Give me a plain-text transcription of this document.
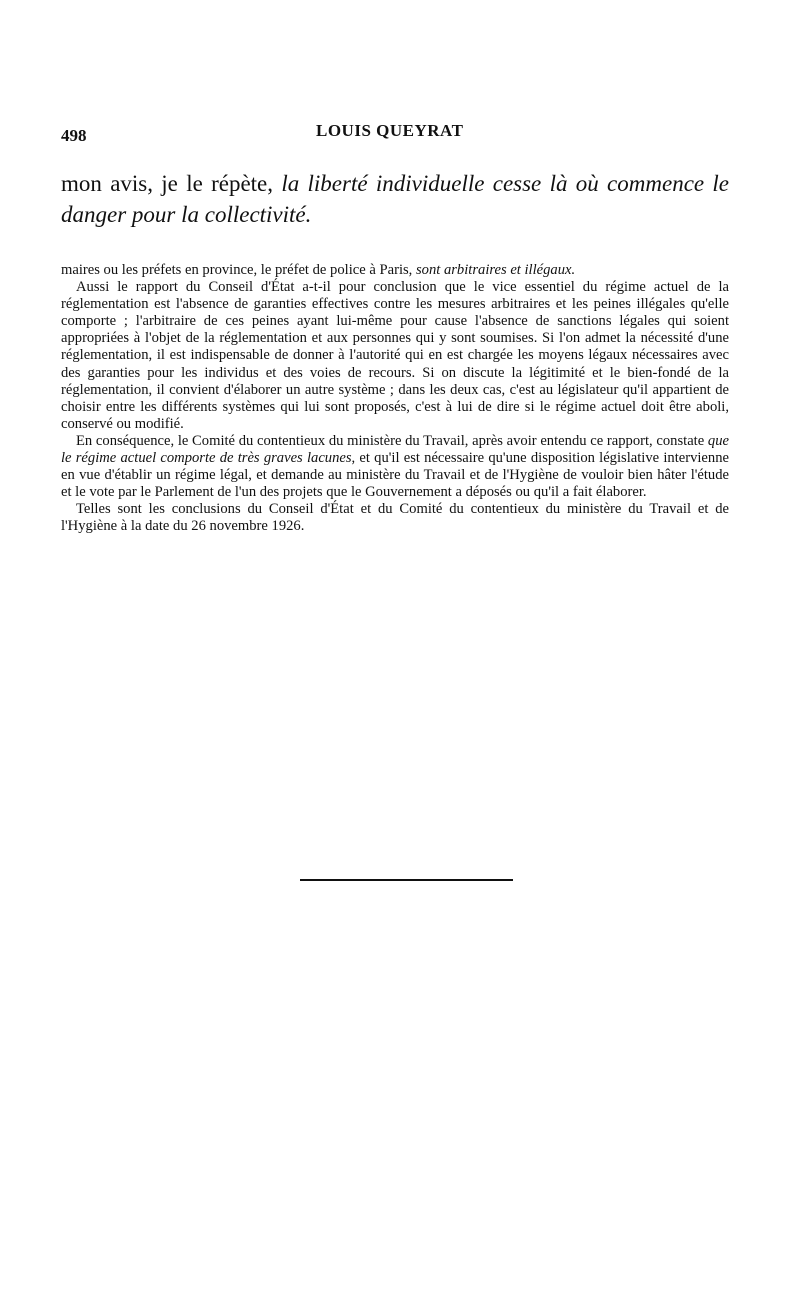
498	LOUIS QUEYRAT
mon avis, je le répète, la liberté individuelle cesse là où commence le danger pour la collectivité.

maires ou les préfets en province, le préfet de police à Paris, sont arbitraires et illégaux.

Aussi le rapport du Conseil d'État a-t-il pour conclusion que le vice essentiel du régime actuel de la réglementation est l'absence de garanties effectives contre les mesures arbitraires et les peines illégales qu'elle comporte ; l'arbitraire de ces peines ayant lui-même pour cause l'absence de sanctions légales qui soient appropriées à l'objet de la réglementation et aux personnes qui y sont soumises. Si l'on admet la nécessité d'une réglementation, il est indispensable de donner à l'autorité qui en est chargée les moyens légaux nécessaires avec des garanties pour les individus et des voies de recours. Si on discute la légitimité et le bien-fondé de la réglementation, il convient d'élaborer un autre système ; dans les deux cas, c'est au législateur qu'il appartient de choisir entre les différents systèmes qui lui sont proposés, c'est à lui de dire si le régime actuel doit être aboli, conservé ou modifié.

En conséquence, le Comité du contentieux du ministère du Travail, après avoir entendu ce rapport, constate que le régime actuel comporte de très graves lacunes, et qu'il est nécessaire qu'une disposition législative intervienne en vue d'établir un régime légal, et demande au ministère du Travail et de l'Hygiène de vouloir bien hâter l'étude et le vote par le Parlement de l'un des projets que le Gouvernement a déposés ou qu'il a fait élaborer.

Telles sont les conclusions du Conseil d'État et du Comité du contentieux du ministère du Travail et de l'Hygiène à la date du 26 novembre 1926.
